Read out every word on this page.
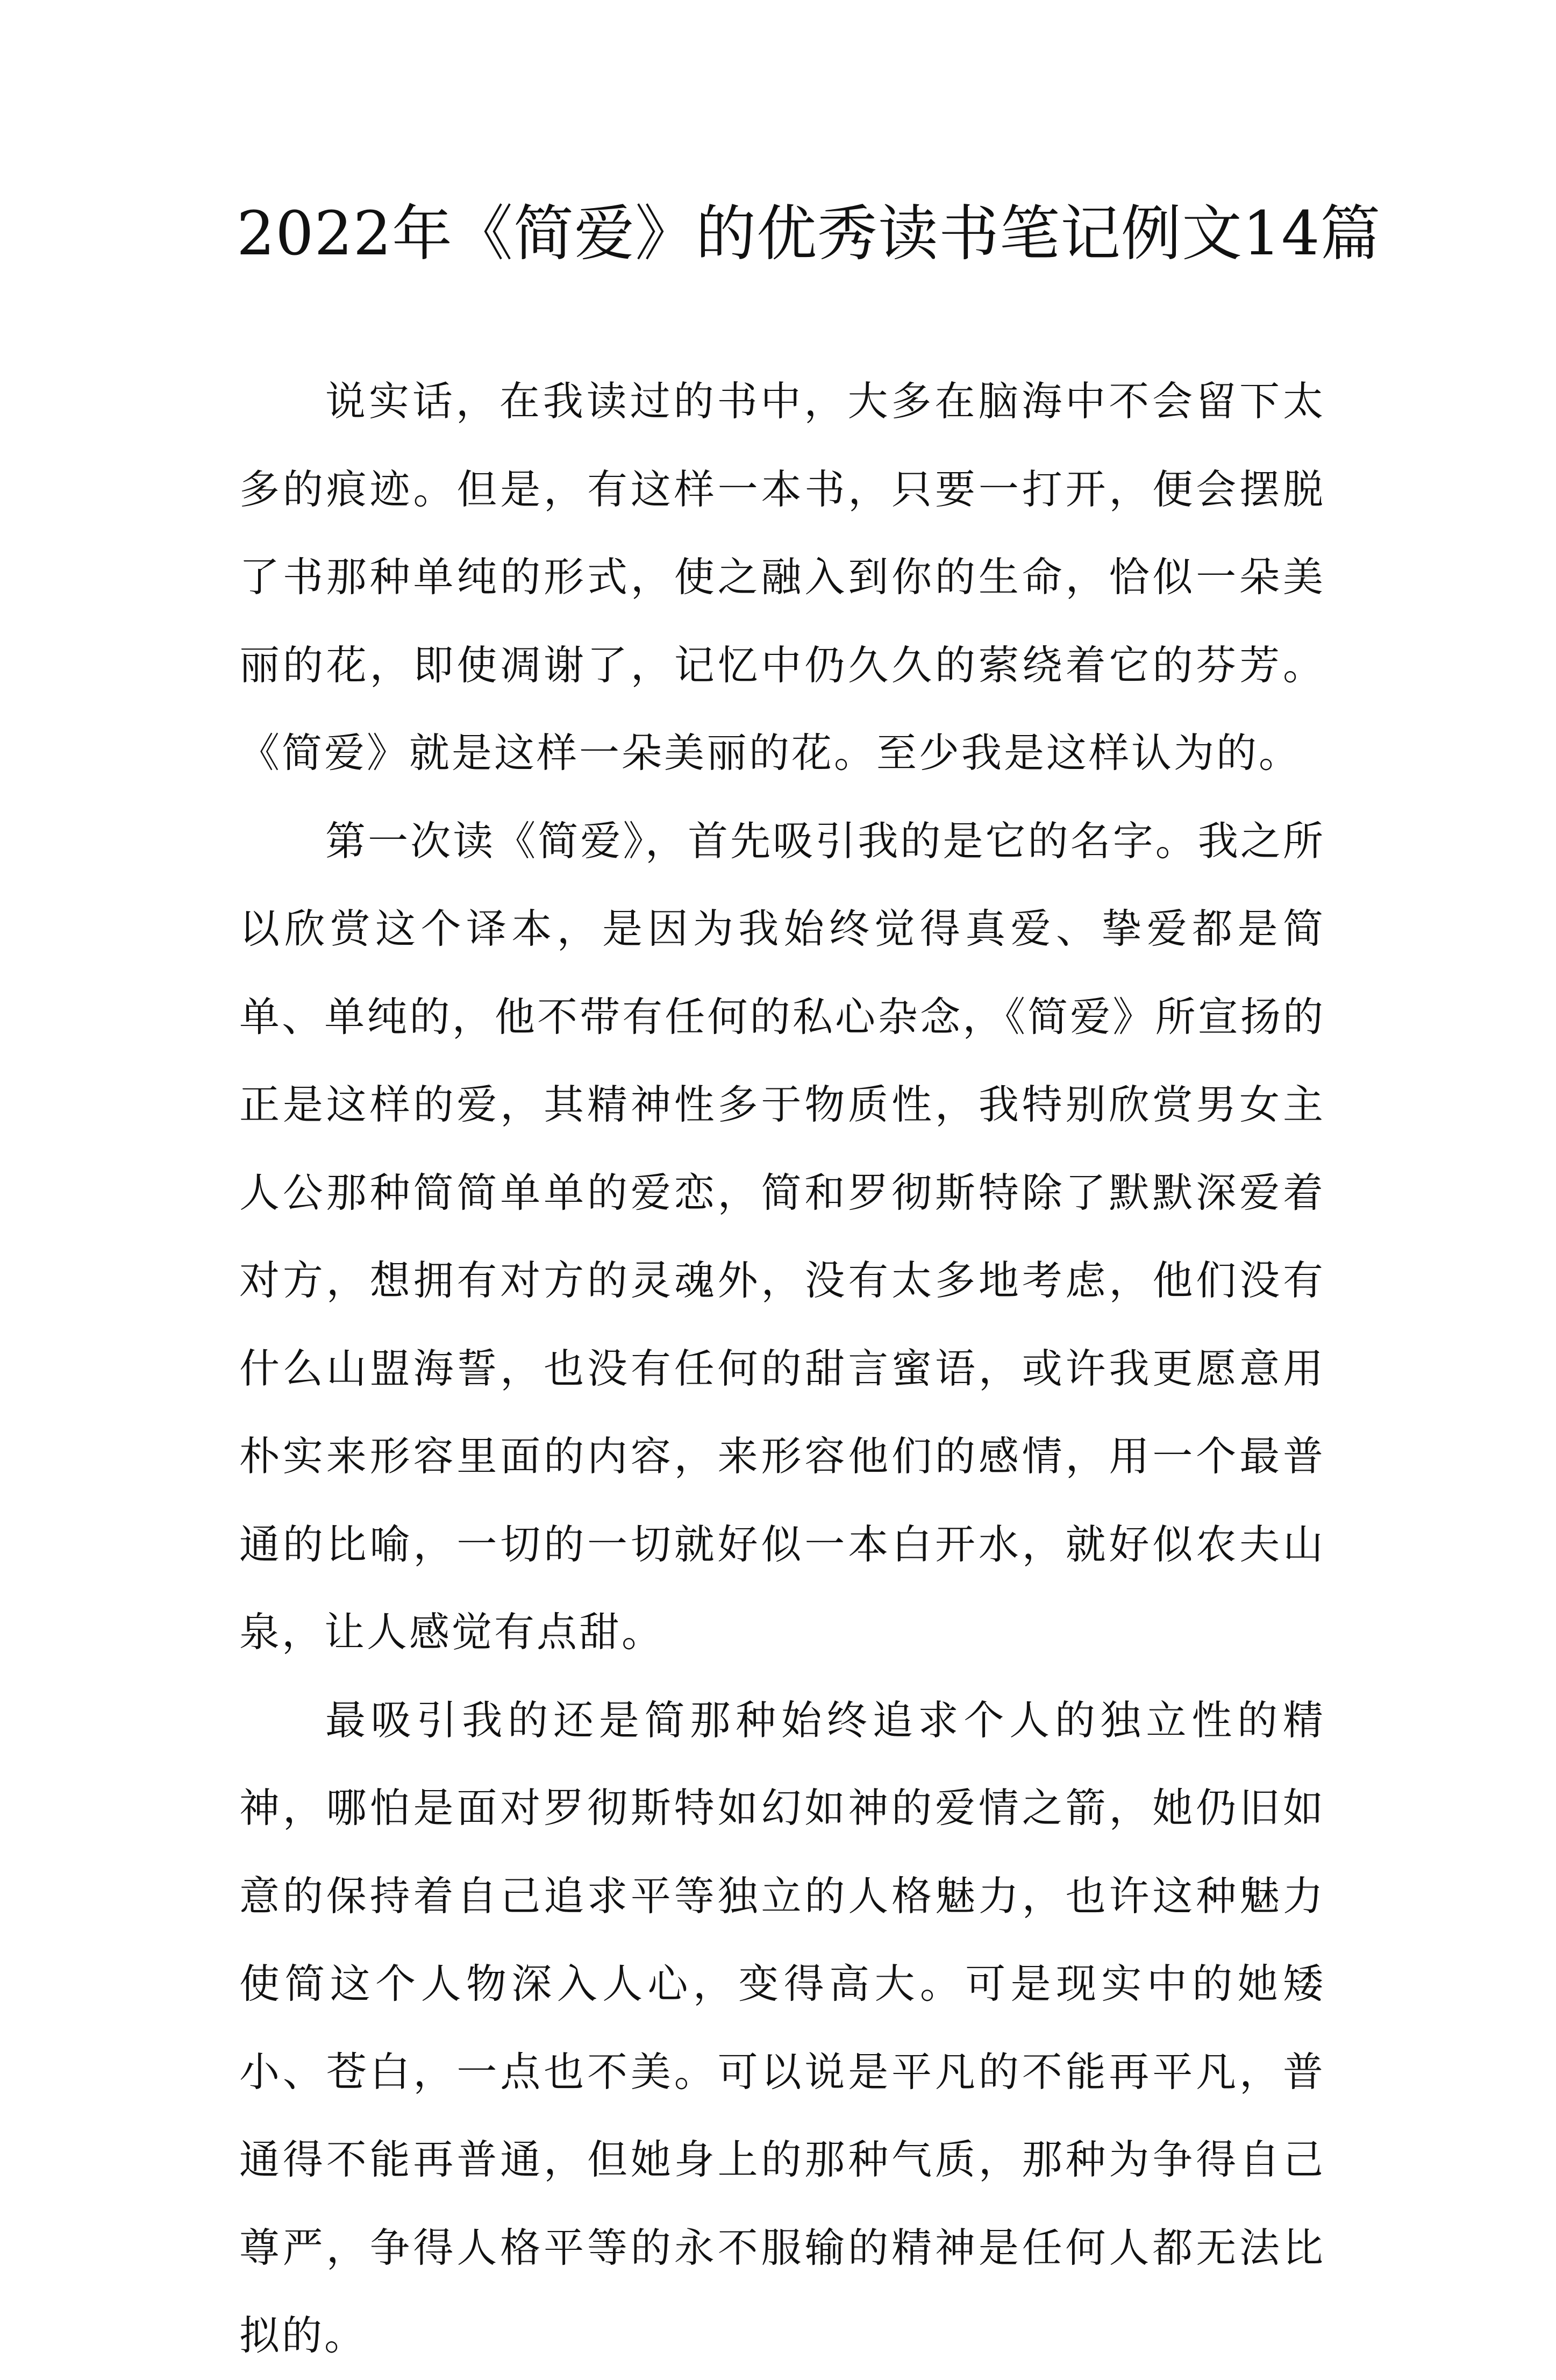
2022年《简爱》的优秀读书笔记例文14篇

说实话，在我读过的书中，大多在脑海中不会留下太多的痕迹。但是，有这样一本书，只要一打开，便会摆脱了书那种单纯的形式，使之融入到你的生命，恰似一朵美丽的花，即使凋谢了，记忆中仍久久的萦绕着它的芬芳。《简爱》就是这样一朵美丽的花。至少我是这样认为的。

第一次读《简爱》，首先吸引我的是它的名字。我之所以欣赏这个译本，是因为我始终觉得真爱、挚爱都是简单、单纯的，他不带有任何的私心杂念，《简爱》所宣扬的正是这样的爱，其精神性多于物质性，我特别欣赏男女主人公那种简简单单的爱恋，简和罗彻斯特除了默默深爱着对方，想拥有对方的灵魂外，没有太多地考虑，他们没有什么山盟海誓，也没有任何的甜言蜜语，或许我更愿意用朴实来形容里面的内容，来形容他们的感情，用一个最普通的比喻，一切的一切就好似一本白开水，就好似农夫山泉，让人感觉有点甜。

最吸引我的还是简那种始终追求个人的独立性的精神，哪怕是面对罗彻斯特如幻如神的爱情之箭，她仍旧如意的保持着自己追求平等独立的人格魅力，也许这种魅力使简这个人物深入人心，变得高大。可是现实中的她矮小、苍白，一点也不美。可以说是平凡的不能再平凡，普通得不能再普通，但她身上的那种气质，那种为争得自己尊严，争得人格平等的永不服输的精神是任何人都无法比拟的。
